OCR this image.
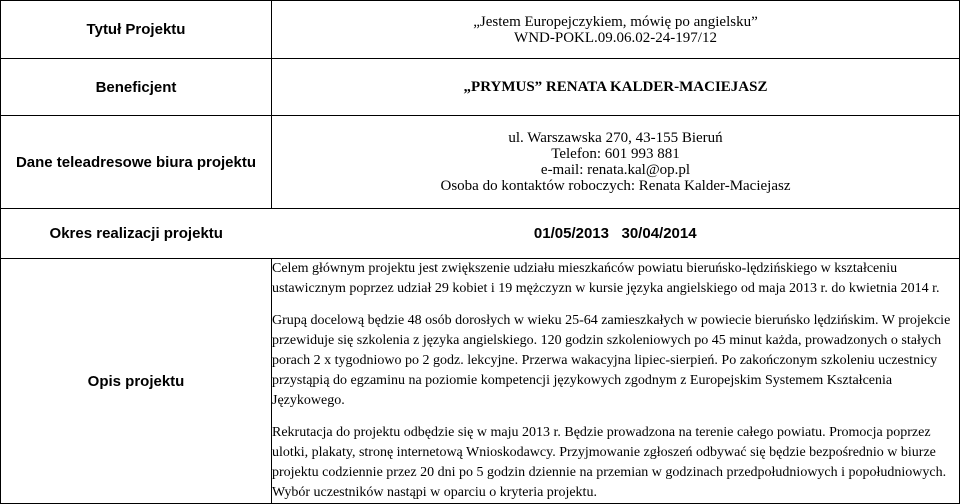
Tytuł Projektu	„Jestem Europejczykiem, mówię po angielsku”
WND-POKL.09.06.02-24-197/12

Beneficjent	„PRYMUS” RENATA KALDER-MACIEJASZ

Dane teleadresowe biura projektu	ul. Warszawska 270, 43-155 Bieruń
Telefon: 601 993 881
e-mail: renata.kal@op.pl
Osoba do kontaktów roboczych: Renata Kalder-Maciejasz

Okres realizacji projektu	01/05/2013 30/04/2014
Opis projektu	Celem głównym projektu jest zwiększenie udziału mieszkańców powiatu bieruńsko-lędzińskiego w kształceniu ustawicznym poprzez udział 29 kobiet i 19 mężczyzn w kursie języka angielskiego od maja 2013 r. do kwietnia 2014 r.

Grupą docelową będzie 48 osób dorosłych w wieku 25-64 zamieszkałych w powiecie bieruńsko lędzińskim. W projekcie przewiduje się szkolenia z języka angielskiego. 120 godzin szkoleniowych po 45 minut każda, prowadzonych o stałych porach 2 x tygodniowo po 2 godz. lekcyjne. Przerwa wakacyjna lipiec-sierpień. Po zakończonym szkoleniu uczestnicy przystąpią do egzaminu na poziomie kompetencji językowych zgodnym z Europejskim Systemem Kształcenia Językowego.

Rekrutacja do projektu odbędzie się w maju 2013 r. Będzie prowadzona na terenie całego powiatu. Promocja poprzez ulotki, plakaty, stronę internetową Wnioskodawcy. Przyjmowanie zgłoszeń odbywać się będzie bezpośrednio w biurze projektu codziennie przez 20 dni po 5 godzin dziennie na przemian w godzinach przedpołudniowych i popołudniowych. Wybór uczestników nastąpi w oparciu o kryteria projektu.
